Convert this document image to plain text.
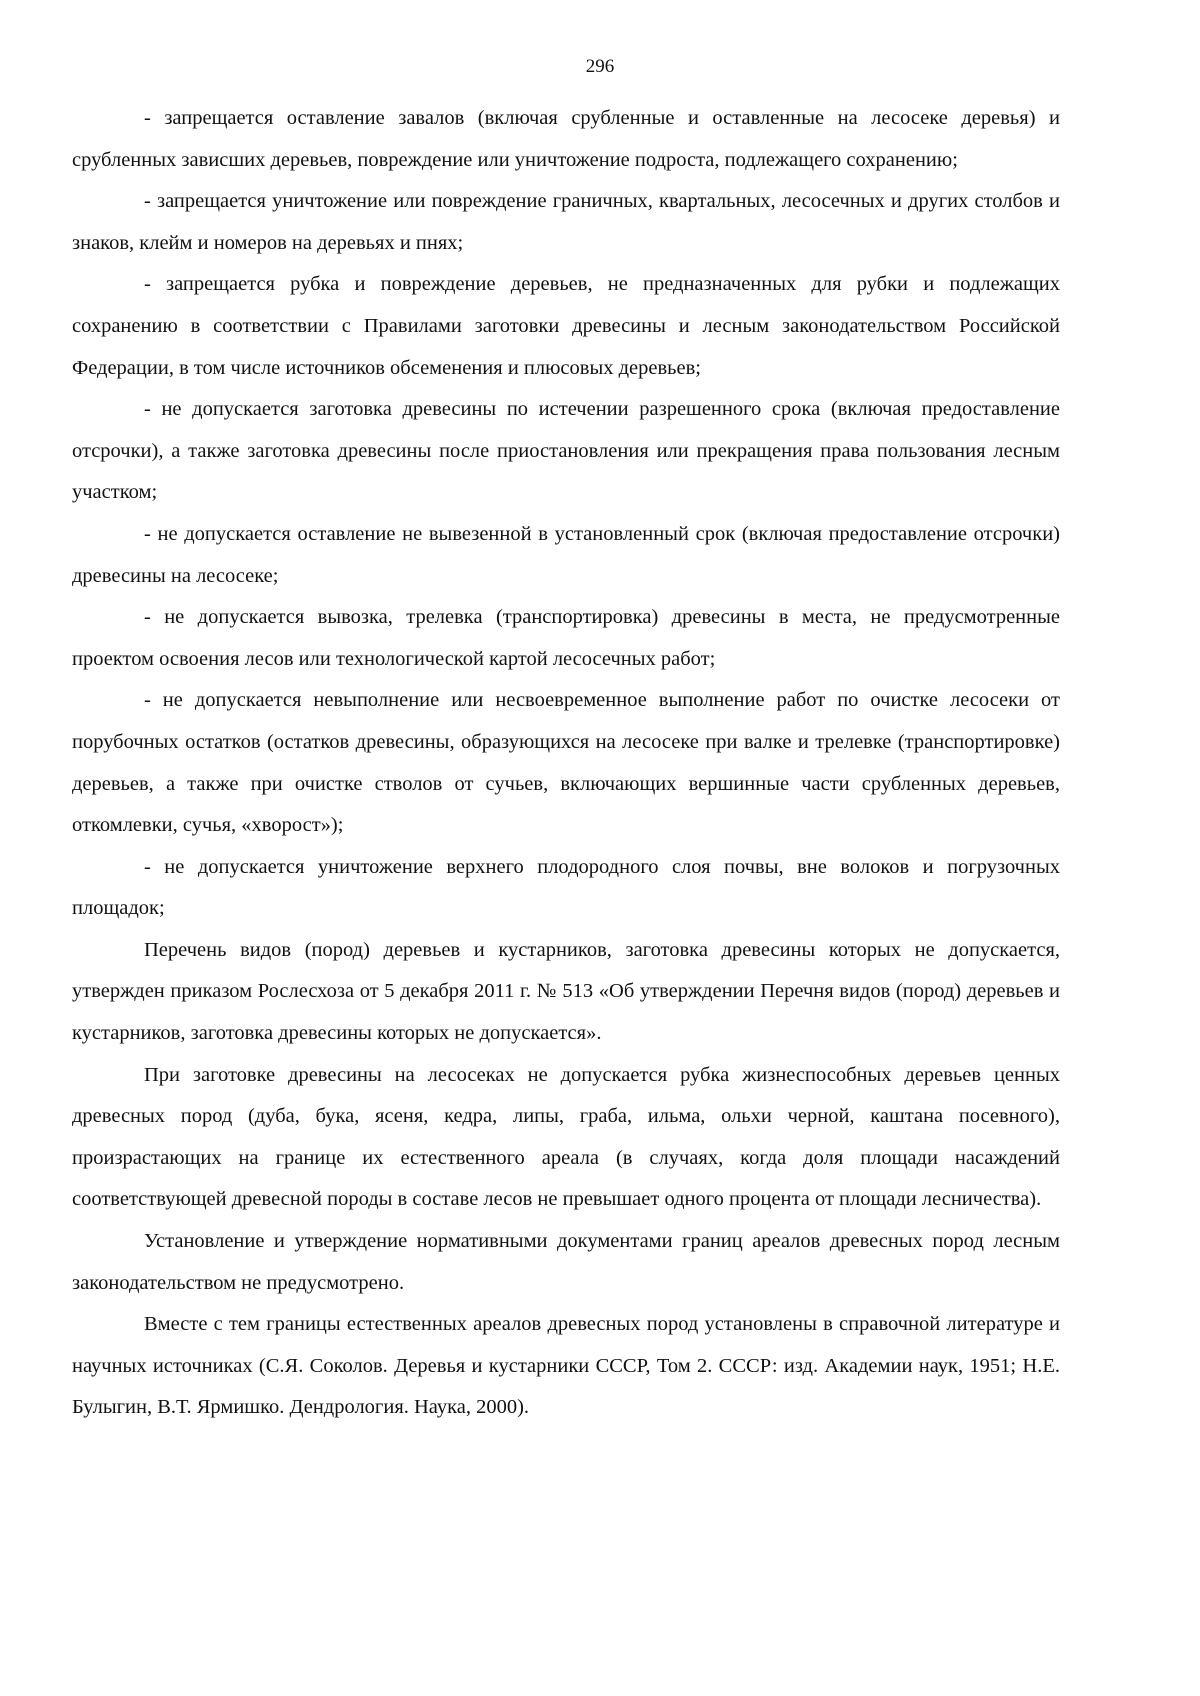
296

- запрещается оставление завалов (включая срубленные и оставленные на лесосеке деревья) и срубленных зависших деревьев, повреждение или уничтожение подроста, подлежащего сохранению;

- запрещается уничтожение или повреждение граничных, квартальных, лесосечных и других столбов и знаков, клейм и номеров на деревьях и пнях;

- запрещается рубка и повреждение деревьев, не предназначенных для рубки и подлежащих сохранению в соответствии с Правилами заготовки древесины и лесным законодательством Российской Федерации, в том числе источников обсеменения и плюсовых деревьев;

- не допускается заготовка древесины по истечении разрешенного срока (включая предоставление отсрочки), а также заготовка древесины после приостановления или прекращения права пользования лесным участком;

- не допускается оставление не вывезенной в установленный срок (включая предоставление отсрочки) древесины на лесосеке;

- не допускается вывозка, трелевка (транспортировка) древесины в места, не предусмотренные проектом освоения лесов или технологической картой лесосечных работ;

- не допускается невыполнение или несвоевременное выполнение работ по очистке лесосеки от порубочных остатков (остатков древесины, образующихся на лесосеке при валке и трелевке (транспортировке) деревьев, а также при очистке стволов от сучьев, включающих вершинные части срубленных деревьев, откомлевки, сучья, «хворост»);

- не допускается уничтожение верхнего плодородного слоя почвы, вне волоков и погрузочных площадок;

Перечень видов (пород) деревьев и кустарников, заготовка древесины которых не допускается, утвержден приказом Рослесхоза от 5 декабря 2011 г. № 513 «Об утверждении Перечня видов (пород) деревьев и кустарников, заготовка древесины которых не допускается».

При заготовке древесины на лесосеках не допускается рубка жизнеспособных деревьев ценных древесных пород (дуба, бука, ясеня, кедра, липы, граба, ильма, ольхи черной, каштана посевного), произрастающих на границе их естественного ареала (в случаях, когда доля площади насаждений соответствующей древесной породы в составе лесов не превышает одного процента от площади лесничества).

Установление и утверждение нормативными документами границ ареалов древесных пород лесным законодательством не предусмотрено.

Вместе с тем границы естественных ареалов древесных пород установлены в справочной литературе и научных источниках (С.Я. Соколов. Деревья и кустарники СССР, Том 2. СССР: изд. Академии наук, 1951; Н.Е. Булыгин, В.Т. Ярмишко. Дендрология. Наука, 2000).
